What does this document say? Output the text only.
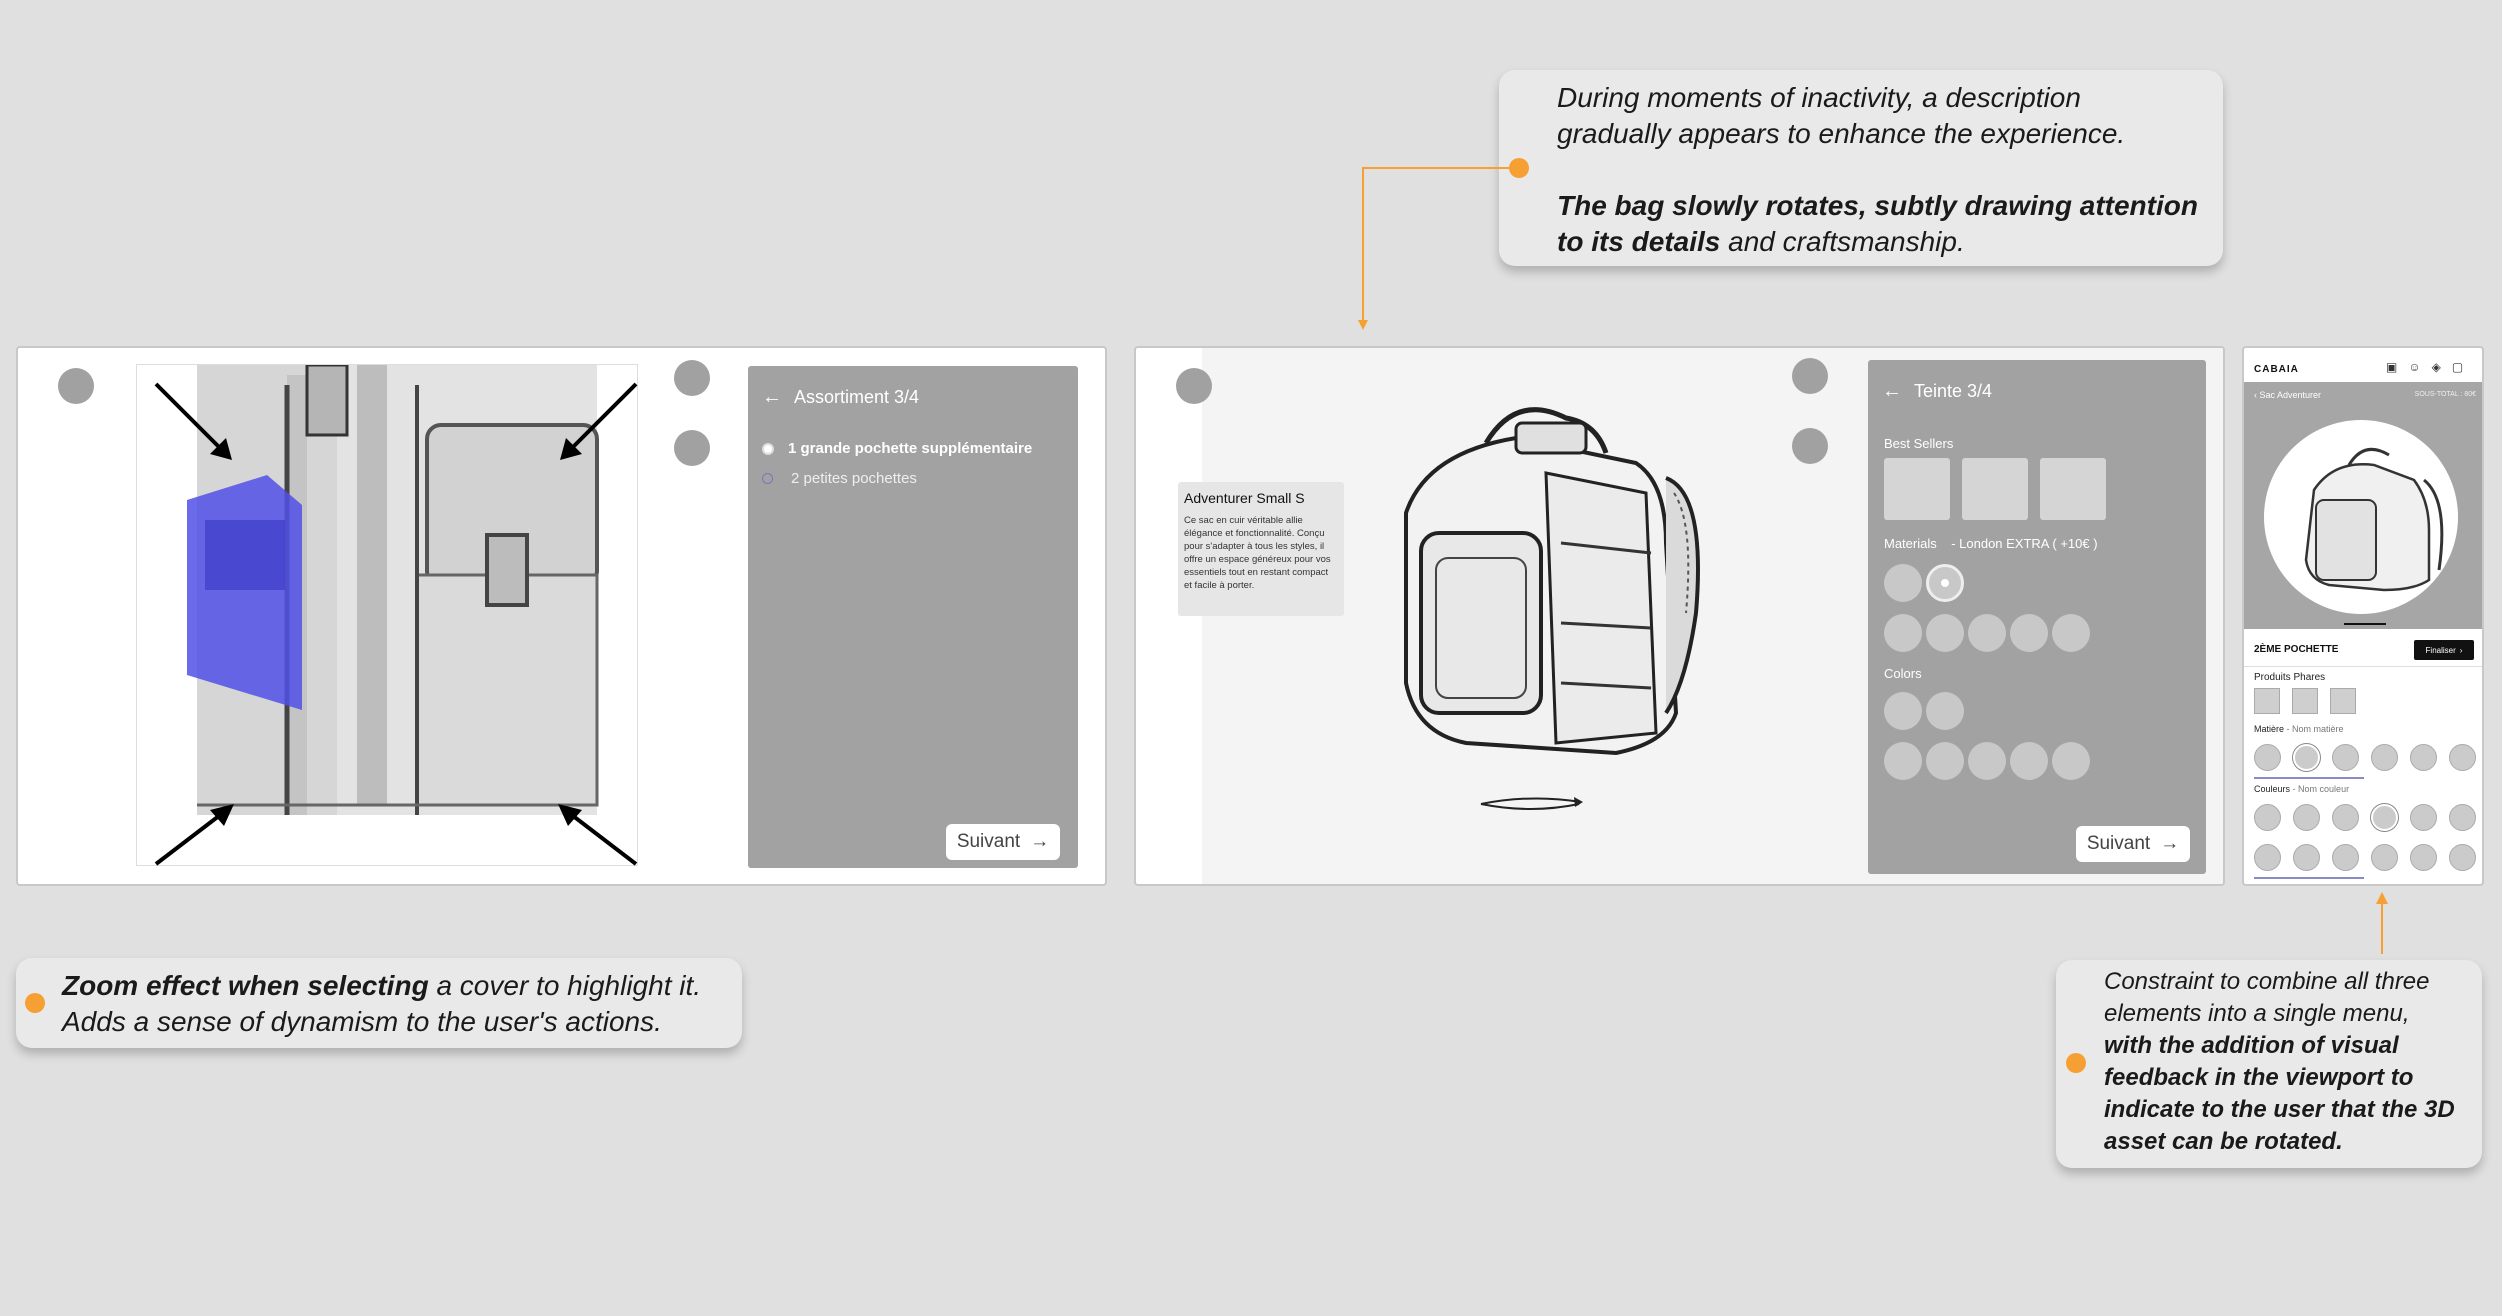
During moments of inactivity, a description
gradually appears to enhance the experience.
The bag slowly rotates, subtly drawing attention
to its details and craftsmanship.
← Assortiment 3/4
1 grande pochette supplémentaire
2 petites pochettes
Suivant →
Adventurer Small S
Ce sac en cuir véritable allie élégance et fonctionnalité. Conçu pour s'adapter à tous les styles, il offre un espace généreux pour vos essentiels tout en restant compact et facile à porter.
← Teinte 3/4
Best Sellers
Materials - London EXTRA ( +10€ )
Colors
Suivant →
CABAIA	▣ ☺ ◈ ▢
‹ Sac Adventurer	SOUS-TOTAL : 80€
2ÈME POCHETTE	Finaliser ›
Produits Phares
Matière - Nom matière
Couleurs - Nom couleur
Zoom effect when selecting a cover to highlight it.
Adds a sense of dynamism to the user's actions.
Constraint to combine all three
elements into a single menu,
with the addition of visual
feedback in the viewport to
indicate to the user that the 3D
asset can be rotated.
